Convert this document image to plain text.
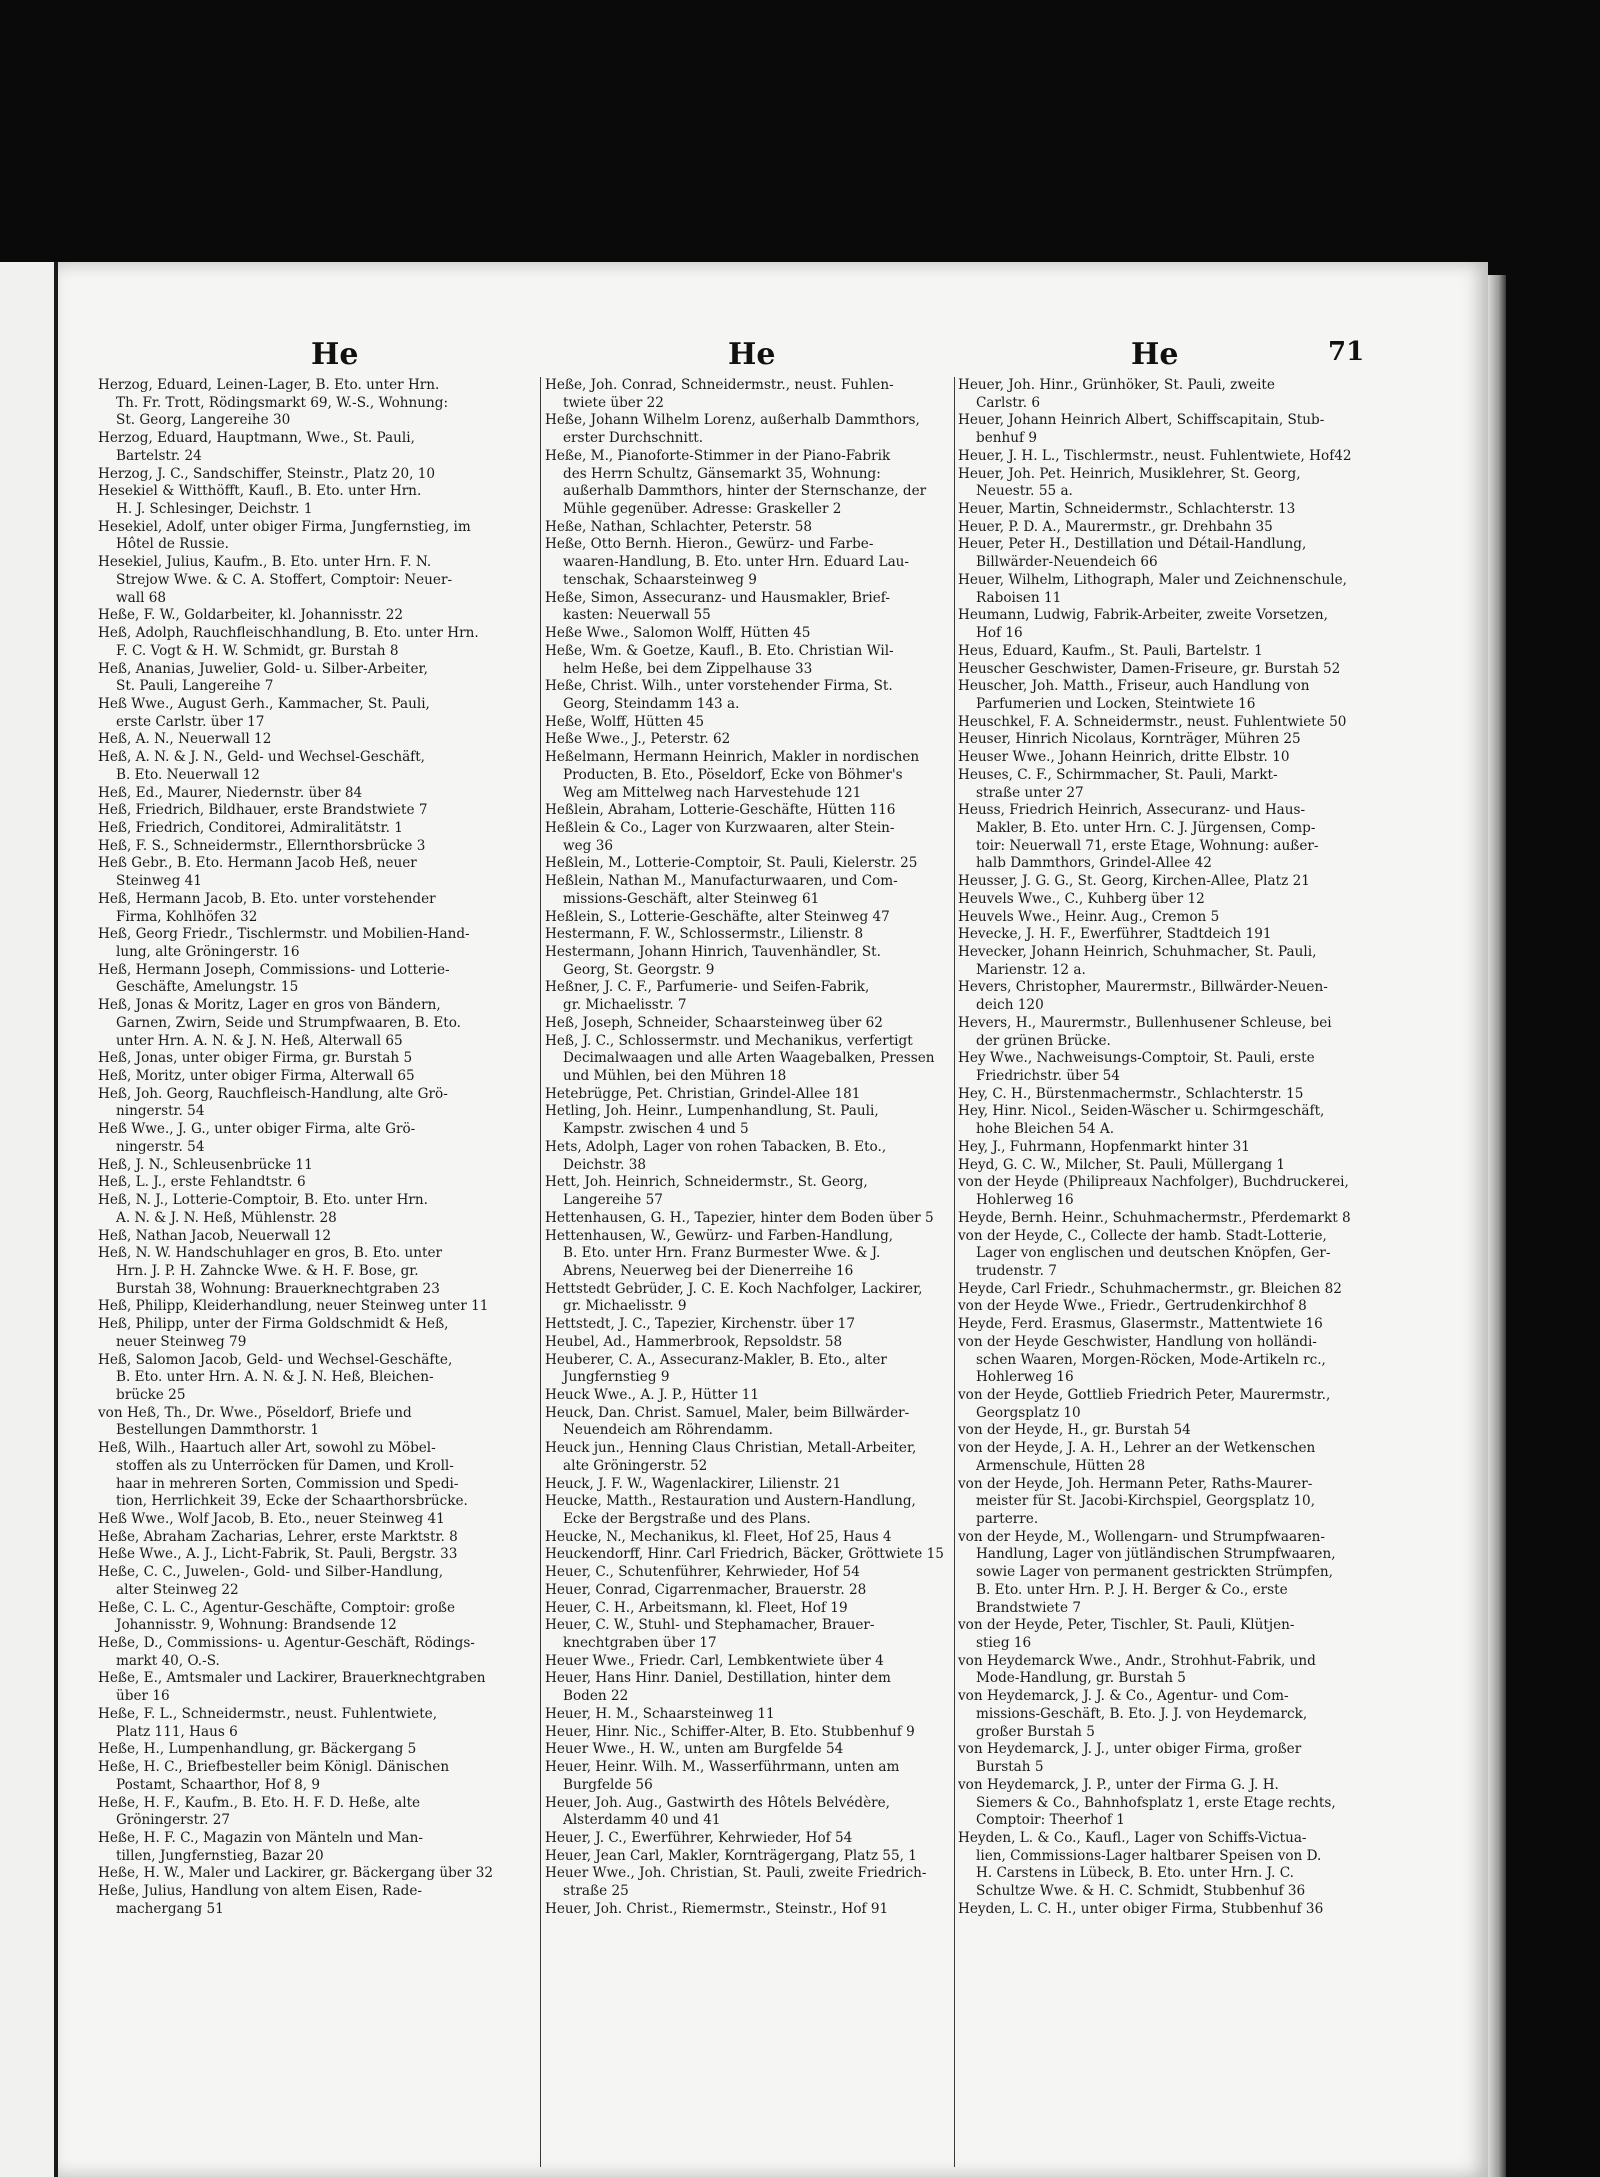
He	He	He	71

Herzog, Eduard, Leinen-Lager, B. Eto. unter Hrn.

Th. Fr. Trott, Rödingsmarkt 69, W.-S., Wohnung:

St. Georg, Langereihe 30

Herzog, Eduard, Hauptmann, Wwe., St. Pauli,

Bartelstr. 24

Herzog, J. C., Sandschiffer, Steinstr., Platz 20, 10

Hesekiel & Witthöfft, Kaufl., B. Eto. unter Hrn.

H. J. Schlesinger, Deichstr. 1

Hesekiel, Adolf, unter obiger Firma, Jungfernstieg, im

Hôtel de Russie.

Hesekiel, Julius, Kaufm., B. Eto. unter Hrn. F. N.

Strejow Wwe. & C. A. Stoffert, Comptoir: Neuer-

wall 68

Heße, F. W., Goldarbeiter, kl. Johannisstr. 22

Heß, Adolph, Rauchfleischhandlung, B. Eto. unter Hrn.

F. C. Vogt & H. W. Schmidt, gr. Burstah 8

Heß, Ananias, Juwelier, Gold- u. Silber-Arbeiter,

St. Pauli, Langereihe 7

Heß Wwe., August Gerh., Kammacher, St. Pauli,

erste Carlstr. über 17

Heß, A. N., Neuerwall 12

Heß, A. N. & J. N., Geld- und Wechsel-Geschäft,

B. Eto. Neuerwall 12

Heß, Ed., Maurer, Niedernstr. über 84

Heß, Friedrich, Bildhauer, erste Brandstwiete 7

Heß, Friedrich, Conditorei, Admiralitätstr. 1

Heß, F. S., Schneidermstr., Ellernthorsbrücke 3

Heß Gebr., B. Eto. Hermann Jacob Heß, neuer

Steinweg 41

Heß, Hermann Jacob, B. Eto. unter vorstehender

Firma, Kohlhöfen 32

Heß, Georg Friedr., Tischlermstr. und Mobilien-Hand-

lung, alte Gröningerstr. 16

Heß, Hermann Joseph, Commissions- und Lotterie-

Geschäfte, Amelungstr. 15

Heß, Jonas & Moritz, Lager en gros von Bändern,

Garnen, Zwirn, Seide und Strumpfwaaren, B. Eto.

unter Hrn. A. N. & J. N. Heß, Alterwall 65

Heß, Jonas, unter obiger Firma, gr. Burstah 5

Heß, Moritz, unter obiger Firma, Alterwall 65

Heß, Joh. Georg, Rauchfleisch-Handlung, alte Grö-

ningerstr. 54

Heß Wwe., J. G., unter obiger Firma, alte Grö-

ningerstr. 54

Heß, J. N., Schleusenbrücke 11

Heß, L. J., erste Fehlandtstr. 6

Heß, N. J., Lotterie-Comptoir, B. Eto. unter Hrn.

A. N. & J. N. Heß, Mühlenstr. 28

Heß, Nathan Jacob, Neuerwall 12

Heß, N. W. Handschuhlager en gros, B. Eto. unter

Hrn. J. P. H. Zahncke Wwe. & H. F. Bose, gr.

Burstah 38, Wohnung: Brauerknechtgraben 23

Heß, Philipp, Kleiderhandlung, neuer Steinweg unter 11

Heß, Philipp, unter der Firma Goldschmidt & Heß,

neuer Steinweg 79

Heß, Salomon Jacob, Geld- und Wechsel-Geschäfte,

B. Eto. unter Hrn. A. N. & J. N. Heß, Bleichen-

brücke 25

von Heß, Th., Dr. Wwe., Pöseldorf, Briefe und

Bestellungen Dammthorstr. 1

Heß, Wilh., Haartuch aller Art, sowohl zu Möbel-

stoffen als zu Unterröcken für Damen, und Kroll-

haar in mehreren Sorten, Commission und Spedi-

tion, Herrlichkeit 39, Ecke der Schaarthorsbrücke.

Heß Wwe., Wolf Jacob, B. Eto., neuer Steinweg 41

Heße, Abraham Zacharias, Lehrer, erste Marktstr. 8

Heße Wwe., A. J., Licht-Fabrik, St. Pauli, Bergstr. 33

Heße, C. C., Juwelen-, Gold- und Silber-Handlung,

alter Steinweg 22

Heße, C. L. C., Agentur-Geschäfte, Comptoir: große

Johannisstr. 9, Wohnung: Brandsende 12

Heße, D., Commissions- u. Agentur-Geschäft, Rödings-

markt 40, O.-S.

Heße, E., Amtsmaler und Lackirer, Brauerknechtgraben

über 16

Heße, F. L., Schneidermstr., neust. Fuhlentwiete,

Platz 111, Haus 6

Heße, H., Lumpenhandlung, gr. Bäckergang 5

Heße, H. C., Briefbesteller beim Königl. Dänischen

Postamt, Schaarthor, Hof 8, 9

Heße, H. F., Kaufm., B. Eto. H. F. D. Heße, alte

Gröningerstr. 27

Heße, H. F. C., Magazin von Mänteln und Man-

tillen, Jungfernstieg, Bazar 20

Heße, H. W., Maler und Lackirer, gr. Bäckergang über 32

Heße, Julius, Handlung von altem Eisen, Rade-

machergang 51

Heße, Joh. Conrad, Schneidermstr., neust. Fuhlen-

twiete über 22

Heße, Johann Wilhelm Lorenz, außerhalb Dammthors,

erster Durchschnitt.

Heße, M., Pianoforte-Stimmer in der Piano-Fabrik

des Herrn Schultz, Gänsemarkt 35, Wohnung:

außerhalb Dammthors, hinter der Sternschanze, der

Mühle gegenüber. Adresse: Graskeller 2

Heße, Nathan, Schlachter, Peterstr. 58

Heße, Otto Bernh. Hieron., Gewürz- und Farbe-

waaren-Handlung, B. Eto. unter Hrn. Eduard Lau-

tenschak, Schaarsteinweg 9

Heße, Simon, Assecuranz- und Hausmakler, Brief-

kasten: Neuerwall 55

Heße Wwe., Salomon Wolff, Hütten 45

Heße, Wm. & Goetze, Kaufl., B. Eto. Christian Wil-

helm Heße, bei dem Zippelhause 33

Heße, Christ. Wilh., unter vorstehender Firma, St.

Georg, Steindamm 143 a.

Heße, Wolff, Hütten 45

Heße Wwe., J., Peterstr. 62

Heßelmann, Hermann Heinrich, Makler in nordischen

Producten, B. Eto., Pöseldorf, Ecke von Böhmer's

Weg am Mittelweg nach Harvestehude 121

Heßlein, Abraham, Lotterie-Geschäfte, Hütten 116

Heßlein & Co., Lager von Kurzwaaren, alter Stein-

weg 36

Heßlein, M., Lotterie-Comptoir, St. Pauli, Kielerstr. 25

Heßlein, Nathan M., Manufacturwaaren, und Com-

missions-Geschäft, alter Steinweg 61

Heßlein, S., Lotterie-Geschäfte, alter Steinweg 47

Hestermann, F. W., Schlossermstr., Lilienstr. 8

Hestermann, Johann Hinrich, Tauvenhändler, St.

Georg, St. Georgstr. 9

Heßner, J. C. F., Parfumerie- und Seifen-Fabrik,

gr. Michaelisstr. 7

Heß, Joseph, Schneider, Schaarsteinweg über 62

Heß, J. C., Schlossermstr. und Mechanikus, verfertigt

Decimalwaagen und alle Arten Waagebalken, Pressen

und Mühlen, bei den Mühren 18

Hetebrügge, Pet. Christian, Grindel-Allee 181

Hetling, Joh. Heinr., Lumpenhandlung, St. Pauli,

Kampstr. zwischen 4 und 5

Hets, Adolph, Lager von rohen Tabacken, B. Eto.,

Deichstr. 38

Hett, Joh. Heinrich, Schneidermstr., St. Georg,

Langereihe 57

Hettenhausen, G. H., Tapezier, hinter dem Boden über 5

Hettenhausen, W., Gewürz- und Farben-Handlung,

B. Eto. unter Hrn. Franz Burmester Wwe. & J.

Abrens, Neuerweg bei der Dienerreihe 16

Hettstedt Gebrüder, J. C. E. Koch Nachfolger, Lackirer,

gr. Michaelisstr. 9

Hettstedt, J. C., Tapezier, Kirchenstr. über 17

Heubel, Ad., Hammerbrook, Repsoldstr. 58

Heuberer, C. A., Assecuranz-Makler, B. Eto., alter

Jungfernstieg 9

Heuck Wwe., A. J. P., Hütter 11

Heuck, Dan. Christ. Samuel, Maler, beim Billwärder-

Neuendeich am Röhrendamm.

Heuck jun., Henning Claus Christian, Metall-Arbeiter,

alte Gröningerstr. 52

Heuck, J. F. W., Wagenlackirer, Lilienstr. 21

Heucke, Matth., Restauration und Austern-Handlung,

Ecke der Bergstraße und des Plans.

Heucke, N., Mechanikus, kl. Fleet, Hof 25, Haus 4

Heuckendorff, Hinr. Carl Friedrich, Bäcker, Gröttwiete 15

Heuer, C., Schutenführer, Kehrwieder, Hof 54

Heuer, Conrad, Cigarrenmacher, Brauerstr. 28

Heuer, C. H., Arbeitsmann, kl. Fleet, Hof 19

Heuer, C. W., Stuhl- und Stephamacher, Brauer-

knechtgraben über 17

Heuer Wwe., Friedr. Carl, Lembkentwiete über 4

Heuer, Hans Hinr. Daniel, Destillation, hinter dem

Boden 22

Heuer, H. M., Schaarsteinweg 11

Heuer, Hinr. Nic., Schiffer-Alter, B. Eto. Stubbenhuf 9

Heuer Wwe., H. W., unten am Burgfelde 54

Heuer, Heinr. Wilh. M., Wasserführmann, unten am

Burgfelde 56

Heuer, Joh. Aug., Gastwirth des Hôtels Belvédère,

Alsterdamm 40 und 41

Heuer, J. C., Ewerführer, Kehrwieder, Hof 54

Heuer, Jean Carl, Makler, Kornträgergang, Platz 55, 1

Heuer Wwe., Joh. Christian, St. Pauli, zweite Friedrich-

straße 25

Heuer, Joh. Christ., Riemermstr., Steinstr., Hof 91

Heuer, Joh. Hinr., Grünhöker, St. Pauli, zweite

Carlstr. 6

Heuer, Johann Heinrich Albert, Schiffscapitain, Stub-

benhuf 9

Heuer, J. H. L., Tischlermstr., neust. Fuhlentwiete, Hof42

Heuer, Joh. Pet. Heinrich, Musiklehrer, St. Georg,

Neuestr. 55 a.

Heuer, Martin, Schneidermstr., Schlachterstr. 13

Heuer, P. D. A., Maurermstr., gr. Drehbahn 35

Heuer, Peter H., Destillation und Détail-Handlung,

Billwärder-Neuendeich 66

Heuer, Wilhelm, Lithograph, Maler und Zeichnenschule,

Raboisen 11

Heumann, Ludwig, Fabrik-Arbeiter, zweite Vorsetzen,

Hof 16

Heus, Eduard, Kaufm., St. Pauli, Bartelstr. 1

Heuscher Geschwister, Damen-Friseure, gr. Burstah 52

Heuscher, Joh. Matth., Friseur, auch Handlung von

Parfumerien und Locken, Steintwiete 16

Heuschkel, F. A. Schneidermstr., neust. Fuhlentwiete 50

Heuser, Hinrich Nicolaus, Kornträger, Mühren 25

Heuser Wwe., Johann Heinrich, dritte Elbstr. 10

Heuses, C. F., Schirmmacher, St. Pauli, Markt-

straße unter 27

Heuss, Friedrich Heinrich, Assecuranz- und Haus-

Makler, B. Eto. unter Hrn. C. J. Jürgensen, Comp-

toir: Neuerwall 71, erste Etage, Wohnung: außer-

halb Dammthors, Grindel-Allee 42

Heusser, J. G. G., St. Georg, Kirchen-Allee, Platz 21

Heuvels Wwe., C., Kuhberg über 12

Heuvels Wwe., Heinr. Aug., Cremon 5

Hevecke, J. H. F., Ewerführer, Stadtdeich 191

Hevecker, Johann Heinrich, Schuhmacher, St. Pauli,

Marienstr. 12 a.

Hevers, Christopher, Maurermstr., Billwärder-Neuen-

deich 120

Hevers, H., Maurermstr., Bullenhusener Schleuse, bei

der grünen Brücke.

Hey Wwe., Nachweisungs-Comptoir, St. Pauli, erste

Friedrichstr. über 54

Hey, C. H., Bürstenmachermstr., Schlachterstr. 15

Hey, Hinr. Nicol., Seiden-Wäscher u. Schirmgeschäft,

hohe Bleichen 54 A.

Hey, J., Fuhrmann, Hopfenmarkt hinter 31

Heyd, G. C. W., Milcher, St. Pauli, Müllergang 1

von der Heyde (Philipreaux Nachfolger), Buchdruckerei,

Hohlerweg 16

Heyde, Bernh. Heinr., Schuhmachermstr., Pferdemarkt 8

von der Heyde, C., Collecte der hamb. Stadt-Lotterie,

Lager von englischen und deutschen Knöpfen, Ger-

trudenstr. 7

Heyde, Carl Friedr., Schuhmachermstr., gr. Bleichen 82

von der Heyde Wwe., Friedr., Gertrudenkirchhof 8

Heyde, Ferd. Erasmus, Glasermstr., Mattentwiete 16

von der Heyde Geschwister, Handlung von holländi-

schen Waaren, Morgen-Röcken, Mode-Artikeln rc.,

Hohlerweg 16

von der Heyde, Gottlieb Friedrich Peter, Maurermstr.,

Georgsplatz 10

von der Heyde, H., gr. Burstah 54

von der Heyde, J. A. H., Lehrer an der Wetkenschen

Armenschule, Hütten 28

von der Heyde, Joh. Hermann Peter, Raths-Maurer-

meister für St. Jacobi-Kirchspiel, Georgsplatz 10,

parterre.

von der Heyde, M., Wollengarn- und Strumpfwaaren-

Handlung, Lager von jütländischen Strumpfwaaren,

sowie Lager von permanent gestrickten Strümpfen,

B. Eto. unter Hrn. P. J. H. Berger & Co., erste

Brandstwiete 7

von der Heyde, Peter, Tischler, St. Pauli, Klütjen-

stieg 16

von Heydemarck Wwe., Andr., Strohhut-Fabrik, und

Mode-Handlung, gr. Burstah 5

von Heydemarck, J. J. & Co., Agentur- und Com-

missions-Geschäft, B. Eto. J. J. von Heydemarck,

großer Burstah 5

von Heydemarck, J. J., unter obiger Firma, großer

Burstah 5

von Heydemarck, J. P., unter der Firma G. J. H.

Siemers & Co., Bahnhofsplatz 1, erste Etage rechts,

Comptoir: Theerhof 1

Heyden, L. & Co., Kaufl., Lager von Schiffs-Victua-

lien, Commissions-Lager haltbarer Speisen von D.

H. Carstens in Lübeck, B. Eto. unter Hrn. J. C.

Schultze Wwe. & H. C. Schmidt, Stubbenhuf 36

Heyden, L. C. H., unter obiger Firma, Stubbenhuf 36
